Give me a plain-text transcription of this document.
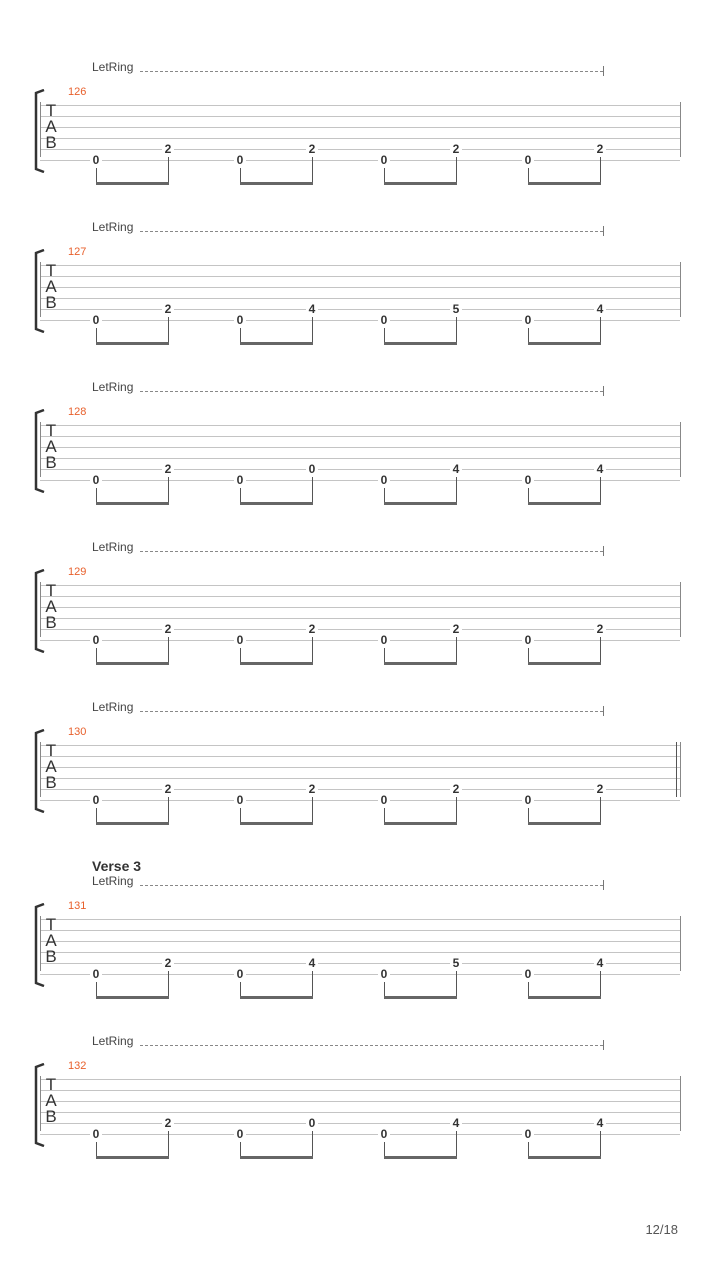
LetRing
126
T
A
B
0
2
0
2
0
2
0
2
LetRing
127
T
A
B
0
2
0
4
0
5
0
4
LetRing
128
T
A
B
0
2
0
0
0
4
0
4
LetRing
129
T
A
B
0
2
0
2
0
2
0
2
LetRing
130
T
A
B
0
2
0
2
0
2
0
2
Verse 3
LetRing
131
T
A
B
0
2
0
4
0
5
0
4
LetRing
132
T
A
B
0
2
0
0
0
4
0
4
12/18
